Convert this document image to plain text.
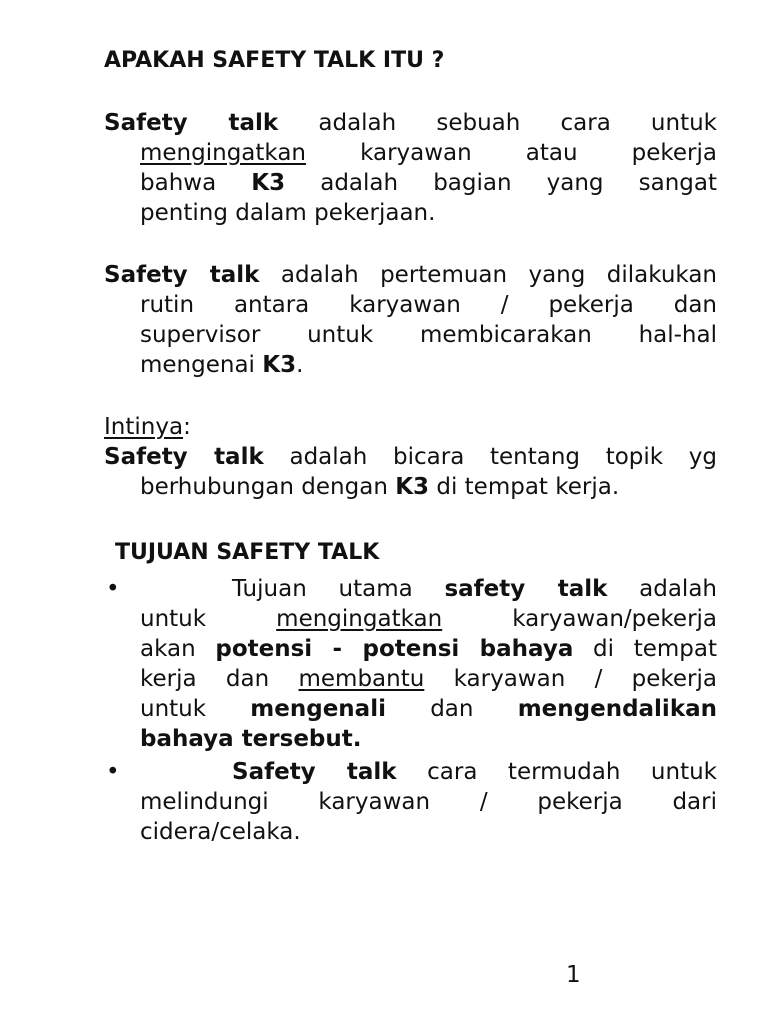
APAKAH SAFETY TALK ITU ?
Safety talk adalah sebuah cara untuk
mengingatkan karyawan atau pekerja
bahwa K3 adalah bagian yang sangat
penting dalam pekerjaan.
Safety talk adalah pertemuan yang dilakukan
rutin antara karyawan / pekerja dan
supervisor untuk membicarakan hal-hal
mengenai K3.
Intinya:
Safety talk adalah bicara tentang topik yg
berhubungan dengan K3 di tempat kerja.
TUJUAN SAFETY TALK
•	Tujuan utama safety talk adalah
untuk	mengingatkan	karyawan/pekerja
akan potensi - potensi bahaya di tempat
kerja dan membantu karyawan / pekerja
untuk mengenali dan mengendalikan
bahaya tersebut.
•	Safety talk cara termudah untuk
melindungi karyawan / pekerja dari
cidera/celaka.
1
